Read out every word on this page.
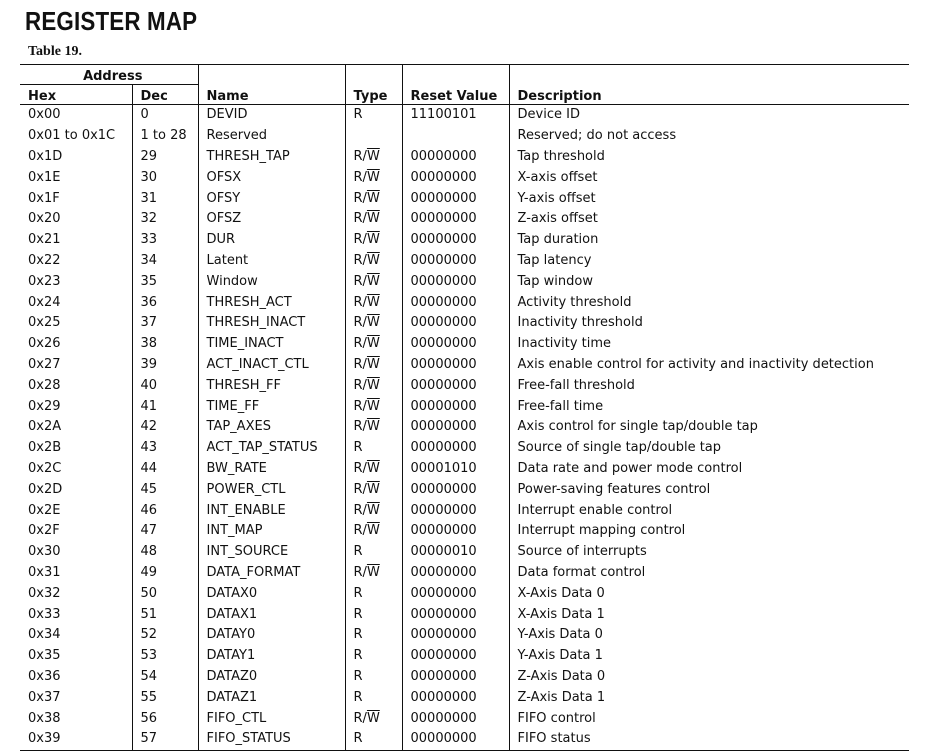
REGISTER MAP
Table 19.
Address					
Hex	Dec	Name	Type	Reset Value	Description
0x00	0	DEVID	R	11100101	Device ID
0x01 to 0x1C	1 to 28	Reserved			Reserved; do not access
0x1D	29	THRESH_TAP	$R/\overline{W}$	00000000	Tap threshold
0x1E	30	OFSX	$R/\overline{W}$	00000000	X-axis offset
0x1F	31	OFSY	$R/\overline{W}$	00000000	Y-axis offset
0x20	32	OFSZ	$R/\overline{W}$	00000000	Z-axis offset
0x21	33	DUR	$R/\overline{W}$	00000000	Tap duration
0x22	34	Latent	$R/\overline{W}$	00000000	Tap latency
0x23	35	Window	$R/\overline{W}$	00000000	Tap window
0x24	36	THRESH_ACT	$R/\overline{W}$	00000000	Activity threshold
0x25	37	THRESH_INACT	$R/\overline{W}$	00000000	Inactivity threshold
0x26	38	TIME_INACT	$R/\overline{W}$	00000000	Inactivity time
0x27	39	ACT_INACT_CTL	$R/\overline{W}$	00000000	Axis enable control for activity and inactivity detection
0x28	40	THRESH_FF	$R/\overline{W}$	00000000	Free-fall threshold
0x29	41	TIME_FF	$R/\overline{W}$	00000000	Free-fall time
0x2A	42	TAP_AXES	$R/\overline{W}$	00000000	Axis control for single tap/double tap
0x2B	43	ACT_TAP_STATUS	R	00000000	Source of single tap/double tap
0x2C	44	BW_RATE	$R/\overline{W}$	00001010	Data rate and power mode control
0x2D	45	POWER_CTL	$R/\overline{W}$	00000000	Power-saving features control
0x2E	46	INT_ENABLE	$R/\overline{W}$	00000000	Interrupt enable control
0x2F	47	INT_MAP	$R/\overline{W}$	00000000	Interrupt mapping control
0x30	48	INT_SOURCE	R	00000010	Source of interrupts
0x31	49	DATA_FORMAT	$R/\overline{W}$	00000000	Data format control
0x32	50	DATAX0	R	00000000	X-Axis Data 0
0x33	51	DATAX1	R	00000000	X-Axis Data 1
0x34	52	DATAY0	R	00000000	Y-Axis Data 0
0x35	53	DATAY1	R	00000000	Y-Axis Data 1
0x36	54	DATAZ0	R	00000000	Z-Axis Data 0
0x37	55	DATAZ1	R	00000000	Z-Axis Data 1
0x38	56	FIFO_CTL	$R/\overline{W}$	00000000	FIFO control
0x39	57	FIFO_STATUS	R	00000000	FIFO status
